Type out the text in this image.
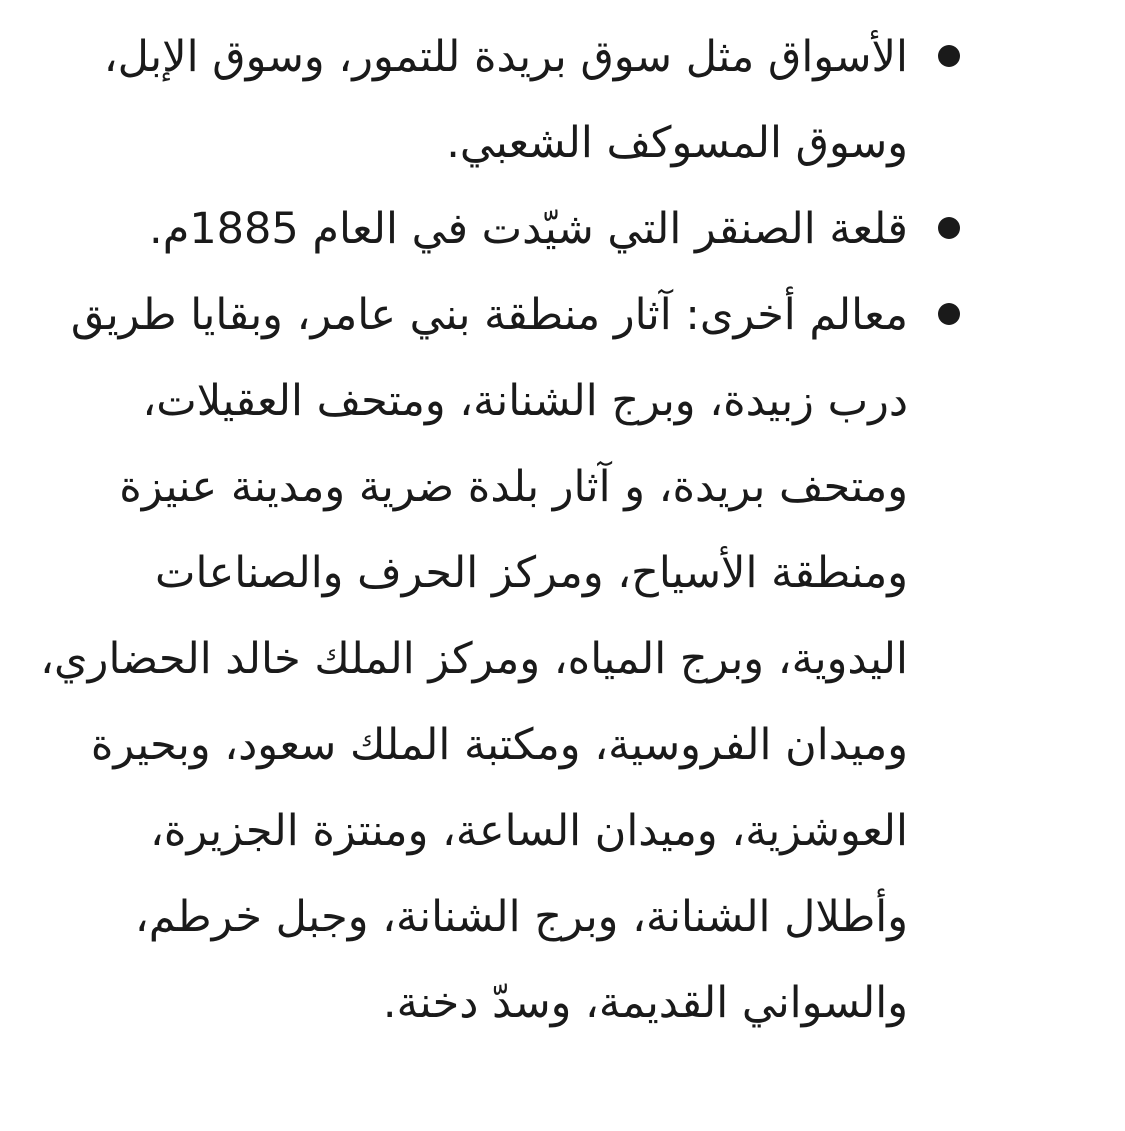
الأسواق مثل سوق بريدة للتمور، وسوق الإبل، وسوق المسوكف الشعبي.
قلعة الصنقر التي شيّدت في العام 1885م.
معالم أخرى: آثار منطقة بني عامر، وبقايا طريق درب زبيدة، وبرج الشنانة، ومتحف العقيلات، ومتحف بريدة، و آثار بلدة ضرية ومدينة عنيزة ومنطقة الأسياح، ومركز الحرف والصناعات اليدوية، وبرج المياه، ومركز الملك خالد الحضاري، وميدان الفروسية، ومكتبة الملك سعود، وبحيرة العوشزية، وميدان الساعة، ومنتزة الجزيرة، وأطلال الشنانة، وبرج الشنانة، وجبل خرطم، والسواني القديمة، وسدّ دخنة.
